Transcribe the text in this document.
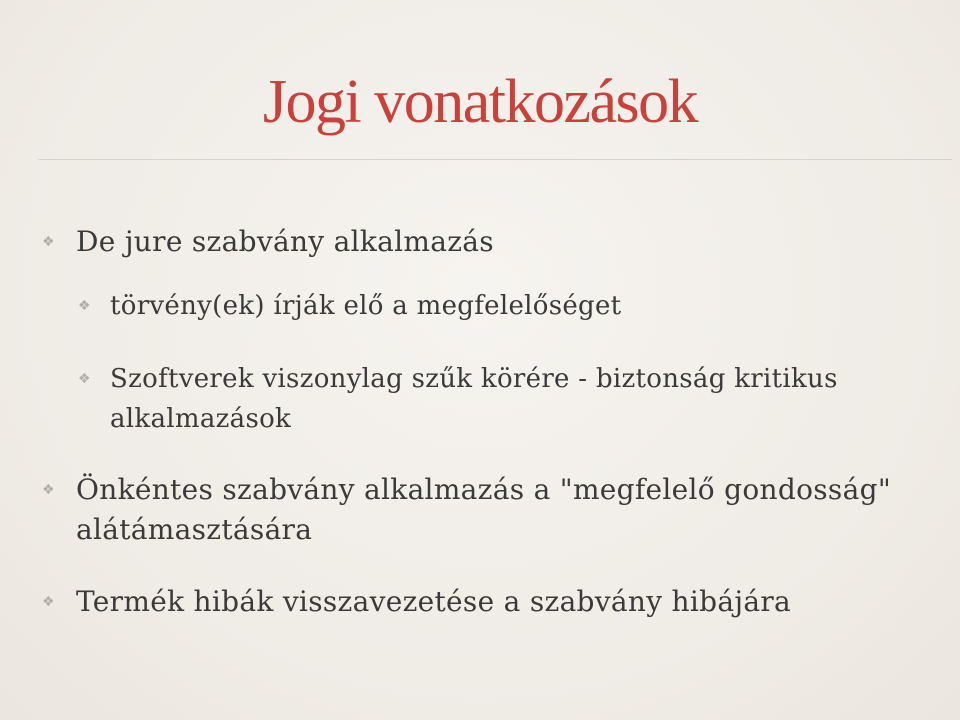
Jogi vonatkozások

❖ De jure szabvány alkalmazás

❖ törvény(ek) írják elő a megfelelőséget

❖ Szoftverek viszonylag szűk körére - biztonság kritikus alkalmazások

❖ Önkéntes szabvány alkalmazás a "megfelelő gondosság" alátámasztására

❖ Termék hibák visszavezetése a szabvány hibájára
